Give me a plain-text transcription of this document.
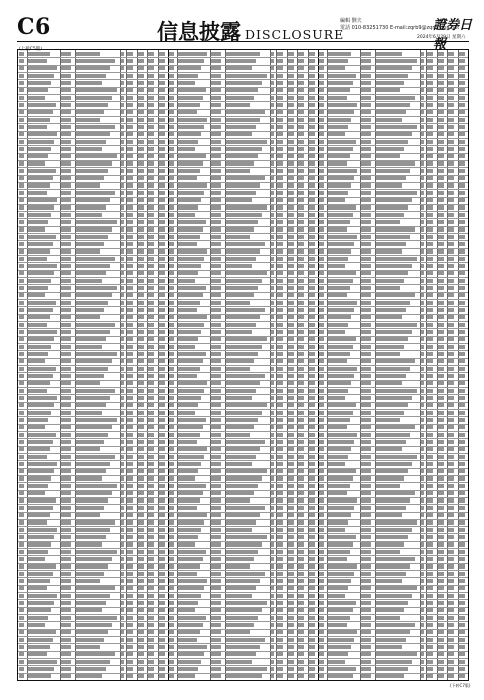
C6	信息披露 DISCLOSURE
編輯 劉夫
電話 010-83251730 E-mail:zqrb9@zqrb.sina.net
證券日報
2024年6月29日 星期六
(上接C5版)
(下转C7版)
